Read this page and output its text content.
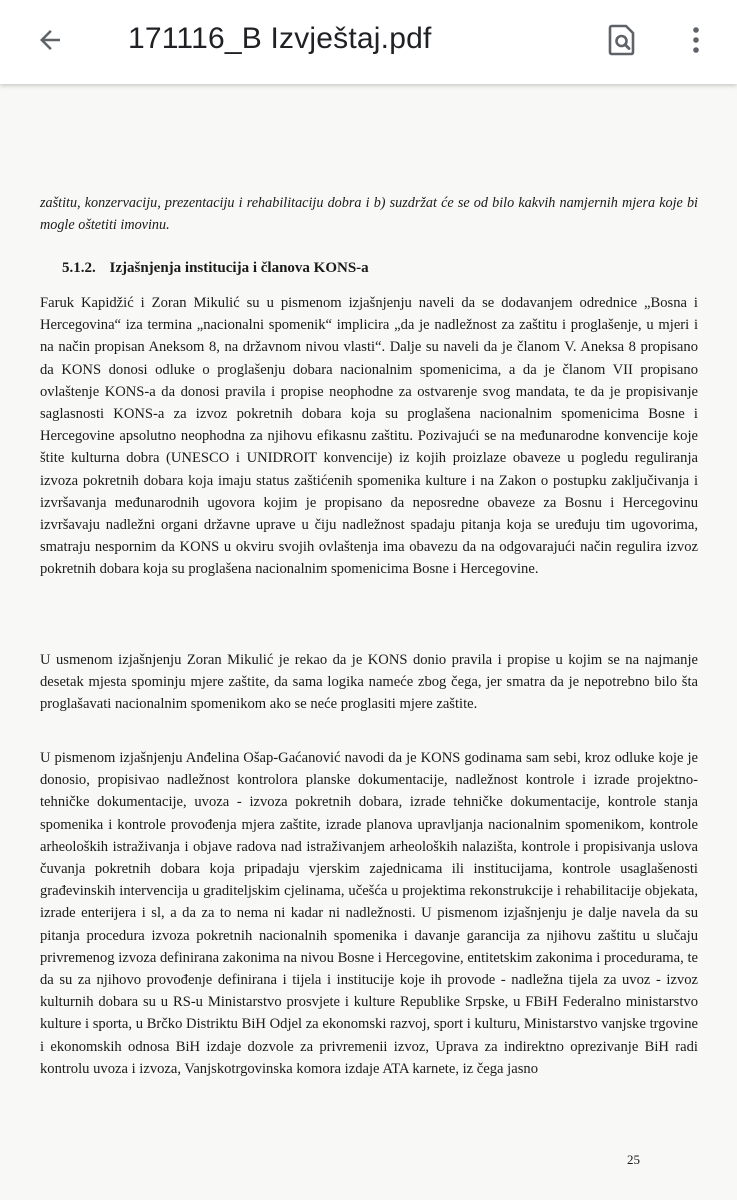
171116_B Izvještaj.pdf
zaštitu, konzervaciju, prezentaciju i rehabilitaciju dobra i b) suzdržat će se od bilo kakvih namjernih mjera koje bi mogle oštetiti imovinu.
5.1.2. Izjašnjenja institucija i članova KONS-a
Faruk Kapidžić i Zoran Mikulić su u pismenom izjašnjenju naveli da se dodavanjem odrednice „Bosna i Hercegovina“ iza termina „nacionalni spomenik“ implicira „da je nadležnost za zaštitu i proglašenje, u mjeri i na način propisan Aneksom 8, na državnom nivou vlasti“. Dalje su naveli da je članom V. Aneksa 8 propisano da KONS donosi odluke o proglašenju dobara nacionalnim spomenicima, a da je članom VII propisano ovlaštenje KONS-a da donosi pravila i propise neophodne za ostvarenje svog mandata, te da je propisivanje saglasnosti KONS-a za izvoz pokretnih dobara koja su proglašena nacionalnim spomenicima Bosne i Hercegovine apsolutno neophodna za njihovu efikasnu zaštitu. Pozivajući se na međunarodne konvencije koje štite kulturna dobra (UNESCO i UNIDROIT konvencije) iz kojih proizlaze obaveze u pogledu reguliranja izvoza pokretnih dobara koja imaju status zaštićenih spomenika kulture i na Zakon o postupku zaključivanja i izvršavanja međunarodnih ugovora kojim je propisano da neposredne obaveze za Bosnu i Hercegovinu izvršavaju nadležni organi državne uprave u čiju nadležnost spadaju pitanja koja se uređuju tim ugovorima, smatraju nespornim da KONS u okviru svojih ovlaštenja ima obavezu da na odgovarajući način regulira izvoz pokretnih dobara koja su proglašena nacionalnim spomenicima Bosne i Hercegovine.
U usmenom izjašnjenju Zoran Mikulić je rekao da je KONS donio pravila i propise u kojim se na najmanje desetak mjesta spominju mjere zaštite, da sama logika nameće zbog čega, jer smatra da je nepotrebno bilo šta proglašavati nacionalnim spomenikom ako se neće proglasiti mjere zaštite.
U pismenom izjašnjenju Anđelina Ošap-Gaćanović navodi da je KONS godinama sam sebi, kroz odluke koje je donosio, propisivao nadležnost kontrolora planske dokumentacije, nadležnost kontrole i izrade projektno-tehničke dokumentacije, uvoza - izvoza pokretnih dobara, izrade tehničke dokumentacije, kontrole stanja spomenika i kontrole provođenja mjera zaštite, izrade planova upravljanja nacionalnim spomenikom, kontrole arheoloških istraživanja i objave radova nad istraživanjem arheoloških nalazišta, kontrole i propisivanja uslova čuvanja pokretnih dobara koja pripadaju vjerskim zajednicama ili institucijama, kontrole usaglašenosti građevinskih intervencija u graditeljskim cjelinama, učešća u projektima rekonstrukcije i rehabilitacije objekata, izrade enterijera i sl, a da za to nema ni kadar ni nadležnosti. U pismenom izjašnjenju je dalje navela da su pitanja procedura izvoza pokretnih nacionalnih spomenika i davanje garancija za njihovu zaštitu u slučaju privremenog izvoza definirana zakonima na nivou Bosne i Hercegovine, entitetskim zakonima i procedurama, te da su za njihovo provođenje definirana i tijela i institucije koje ih provode - nadležna tijela za uvoz - izvoz kulturnih dobara su u RS-u Ministarstvo prosvjete i kulture Republike Srpske, u FBiH Federalno ministarstvo kulture i sporta, u Brčko Distriktu BiH Odjel za ekonomski razvoj, sport i kulturu, Ministarstvo vanjske trgovine i ekonomskih odnosa BiH izdaje dozvole za privremenii izvoz, Uprava za indirektno oprezivanje BiH radi kontrolu uvoza i izvoza, Vanjskotrgovinska komora izdaje ATA karnete, iz čega jasno
25
